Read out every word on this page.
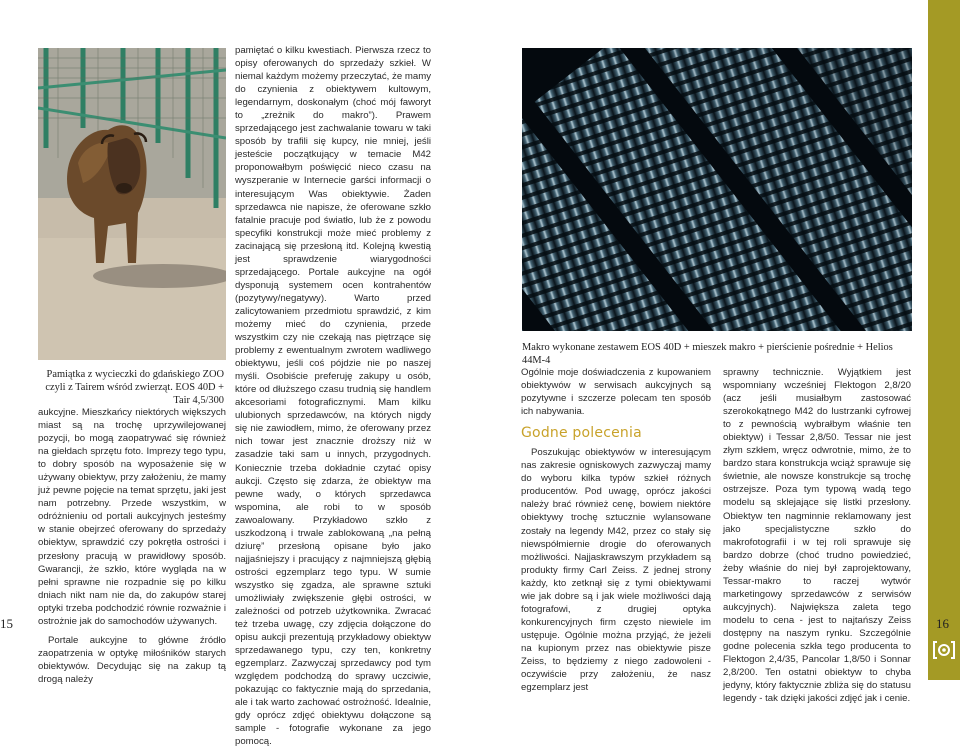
Pamiątka z wycieczki do gdańskiego ZOO czyli z Tairem wśród zwierząt. EOS 40D + Tair 4,5/300

aukcyjne. Mieszkańcy niektórych większych miast są na trochę uprzywilejowanej pozycji, bo mogą zaopatrywać się również na giełdach sprzętu foto. Imprezy tego typu, to dobry sposób na wyposażenie się w używany obiektyw, przy założeniu, że mamy już pewne pojęcie na temat sprzętu, jaki jest nam potrzebny. Przede wszystkim, w odróżnieniu od portali aukcyjnych jesteśmy w stanie obejrzeć oferowany do sprzedaży obiektyw, sprawdzić czy pokrętła ostrości i przesłony pracują w prawidłowy sposób. Gwarancji, że szkło, które wygląda na w pełni sprawne nie rozpadnie się po kilku dniach nikt nam nie da, do zakupów starej optyki trzeba podchodzić równie rozważnie i ostrożnie jak do samochodów używanych.

Portale aukcyjne to główne źródło zaopatrzenia w optykę miłośników starych obiektywów. Decydując się na zakup tą drogą należy

pamiętać o kilku kwestiach. Pierwsza rzecz to opisy oferowanych do sprzedaży szkieł. W niemal każdym możemy przeczytać, że mamy do czynienia z obiektywem kultowym, legendarnym, doskonałym (choć mój faworyt to „zreżnik do makro”). Prawem sprzedającego jest zachwalanie towaru w taki sposób by trafili się kupcy, nie mniej, jeśli jesteście początkujący w temacie M42 proponowałbym poświęcić nieco czasu na wyszperanie w Internecie garści informacji o interesującym Was obiektywie. Żaden sprzedawca nie napisze, że oferowane szkło fatalnie pracuje pod światło, lub że z powodu specyfiki konstrukcji może mieć problemy z zacinającą się przesłoną itd. Kolejną kwestią jest sprawdzenie wiarygodności sprzedającego. Portale aukcyjne na ogół dysponują systemem ocen kontrahentów (pozytywy/negatywy). Warto przed zalicytowaniem przedmiotu sprawdzić, z kim możemy mieć do czynienia, przede wszystkim czy nie czekają nas piętrzące się problemy z ewentualnym zwrotem wadliwego obiektywu, jeśli coś pójdzie nie po naszej myśli. Osobiście preferuję zakupy u osób, które od dłuższego czasu trudnią się handlem akcesoriami fotograficznymi. Mam kilku ulubionych sprzedawców, na których nigdy się nie zawiodłem, mimo, że oferowany przez nich towar jest znacznie droższy niż w zasadzie taki sam u innych, przygodnych. Koniecznie trzeba dokładnie czytać opisy aukcji. Często się zdarza, że obiektyw ma pewne wady, o których sprzedawca wspomina, ale robi to w sposób zawoalowany. Przykładowo szkło z uszkodzoną i trwale zablokowaną „na pełną dziurę” przesłoną opisane było jako najjaśniejszy i pracujący z najmniejszą głębią ostrości egzemplarz tego typu. W sumie wszystko się zgadza, ale sprawne sztuki umożliwiały zwiększenie głębi ostrości, w zależności od potrzeb użytkownika. Zwracać też trzeba uwagę, czy zdjęcia dołączone do opisu aukcji prezentują przykładowy obiektyw sprzedawanego typu, czy ten, konkretny egzemplarz. Zazwyczaj sprzedawcy pod tym względem podchodzą do sprawy uczciwie, pokazując co faktycznie mają do sprzedania, ale i tak warto zachować ostrożność. Idealnie, gdy oprócz zdjęć obiektywu dołączone są sample - fotografie wykonane za jego pomocą.

15
Makro wykonane zestawem EOS 40D + mieszek makro + pierścienie pośrednie + Helios 44M-4

Ogólnie moje doświadczenia z kupowaniem obiektywów w serwisach aukcyjnych są pozytywne i szczerze polecam ten sposób ich nabywania.

Godne polecenia

Poszukując obiektywów w interesującym nas zakresie ogniskowych zazwyczaj mamy do wyboru kilka typów szkieł różnych producentów. Pod uwagę, oprócz jakości należy brać również cenę, bowiem niektóre obiektywy trochę sztucznie wylansowane zostały na legendy M42, przez co stały się niewspółmiernie drogie do oferowanych możliwości. Najjaskrawszym przykładem są produkty firmy Carl Zeiss. Z jednej strony każdy, kto zetknął się z tymi obiektywami wie jak dobre są i jak wiele możliwości dają fotografowi, z drugiej optyka konkurencyjnych firm często niewiele im ustępuje. Ogólnie można przyjąć, że jeżeli na kupionym przez nas obiektywie pisze Zeiss, to będziemy z niego zadowoleni - oczywiście przy założeniu, że nasz egzemplarz jest

sprawny technicznie. Wyjątkiem jest wspomniany wcześniej Flektogon 2,8/20 (acz jeśli musiałbym zastosować szerokokątnego M42 do lustrzanki cyfrowej to z pewnością wybrałbym właśnie ten obiektyw) i Tessar 2,8/50. Tessar nie jest złym szkłem, wręcz odwrotnie, mimo, że to bardzo stara konstrukcja wciąż sprawuje się świetnie, ale nowsze konstrukcje są trochę ostrzejsze. Poza tym typową wadą tego modelu są sklejające się listki przesłony. Obiektyw ten nagminnie reklamowany jest jako specjalistyczne szkło do makrofotografii i w tej roli sprawuje się bardzo dobrze (choć trudno powiedzieć, żeby właśnie do niej był zaprojektowany, Tessar-makro to raczej wytwór marketingowy sprzedawców z serwisów aukcyjnych). Największa zaleta tego modelu to cena - jest to najtańszy Zeiss dostępny na naszym rynku. Szczególnie godne polecenia szkła tego producenta to Flektogon 2,4/35, Pancolar 1,8/50 i Sonnar 2,8/200. Ten ostatni obiektyw to chyba jedyny, który faktycznie zbliża się do statusu legendy - tak dzięki jakości zdjęć jak i cenie.

16
